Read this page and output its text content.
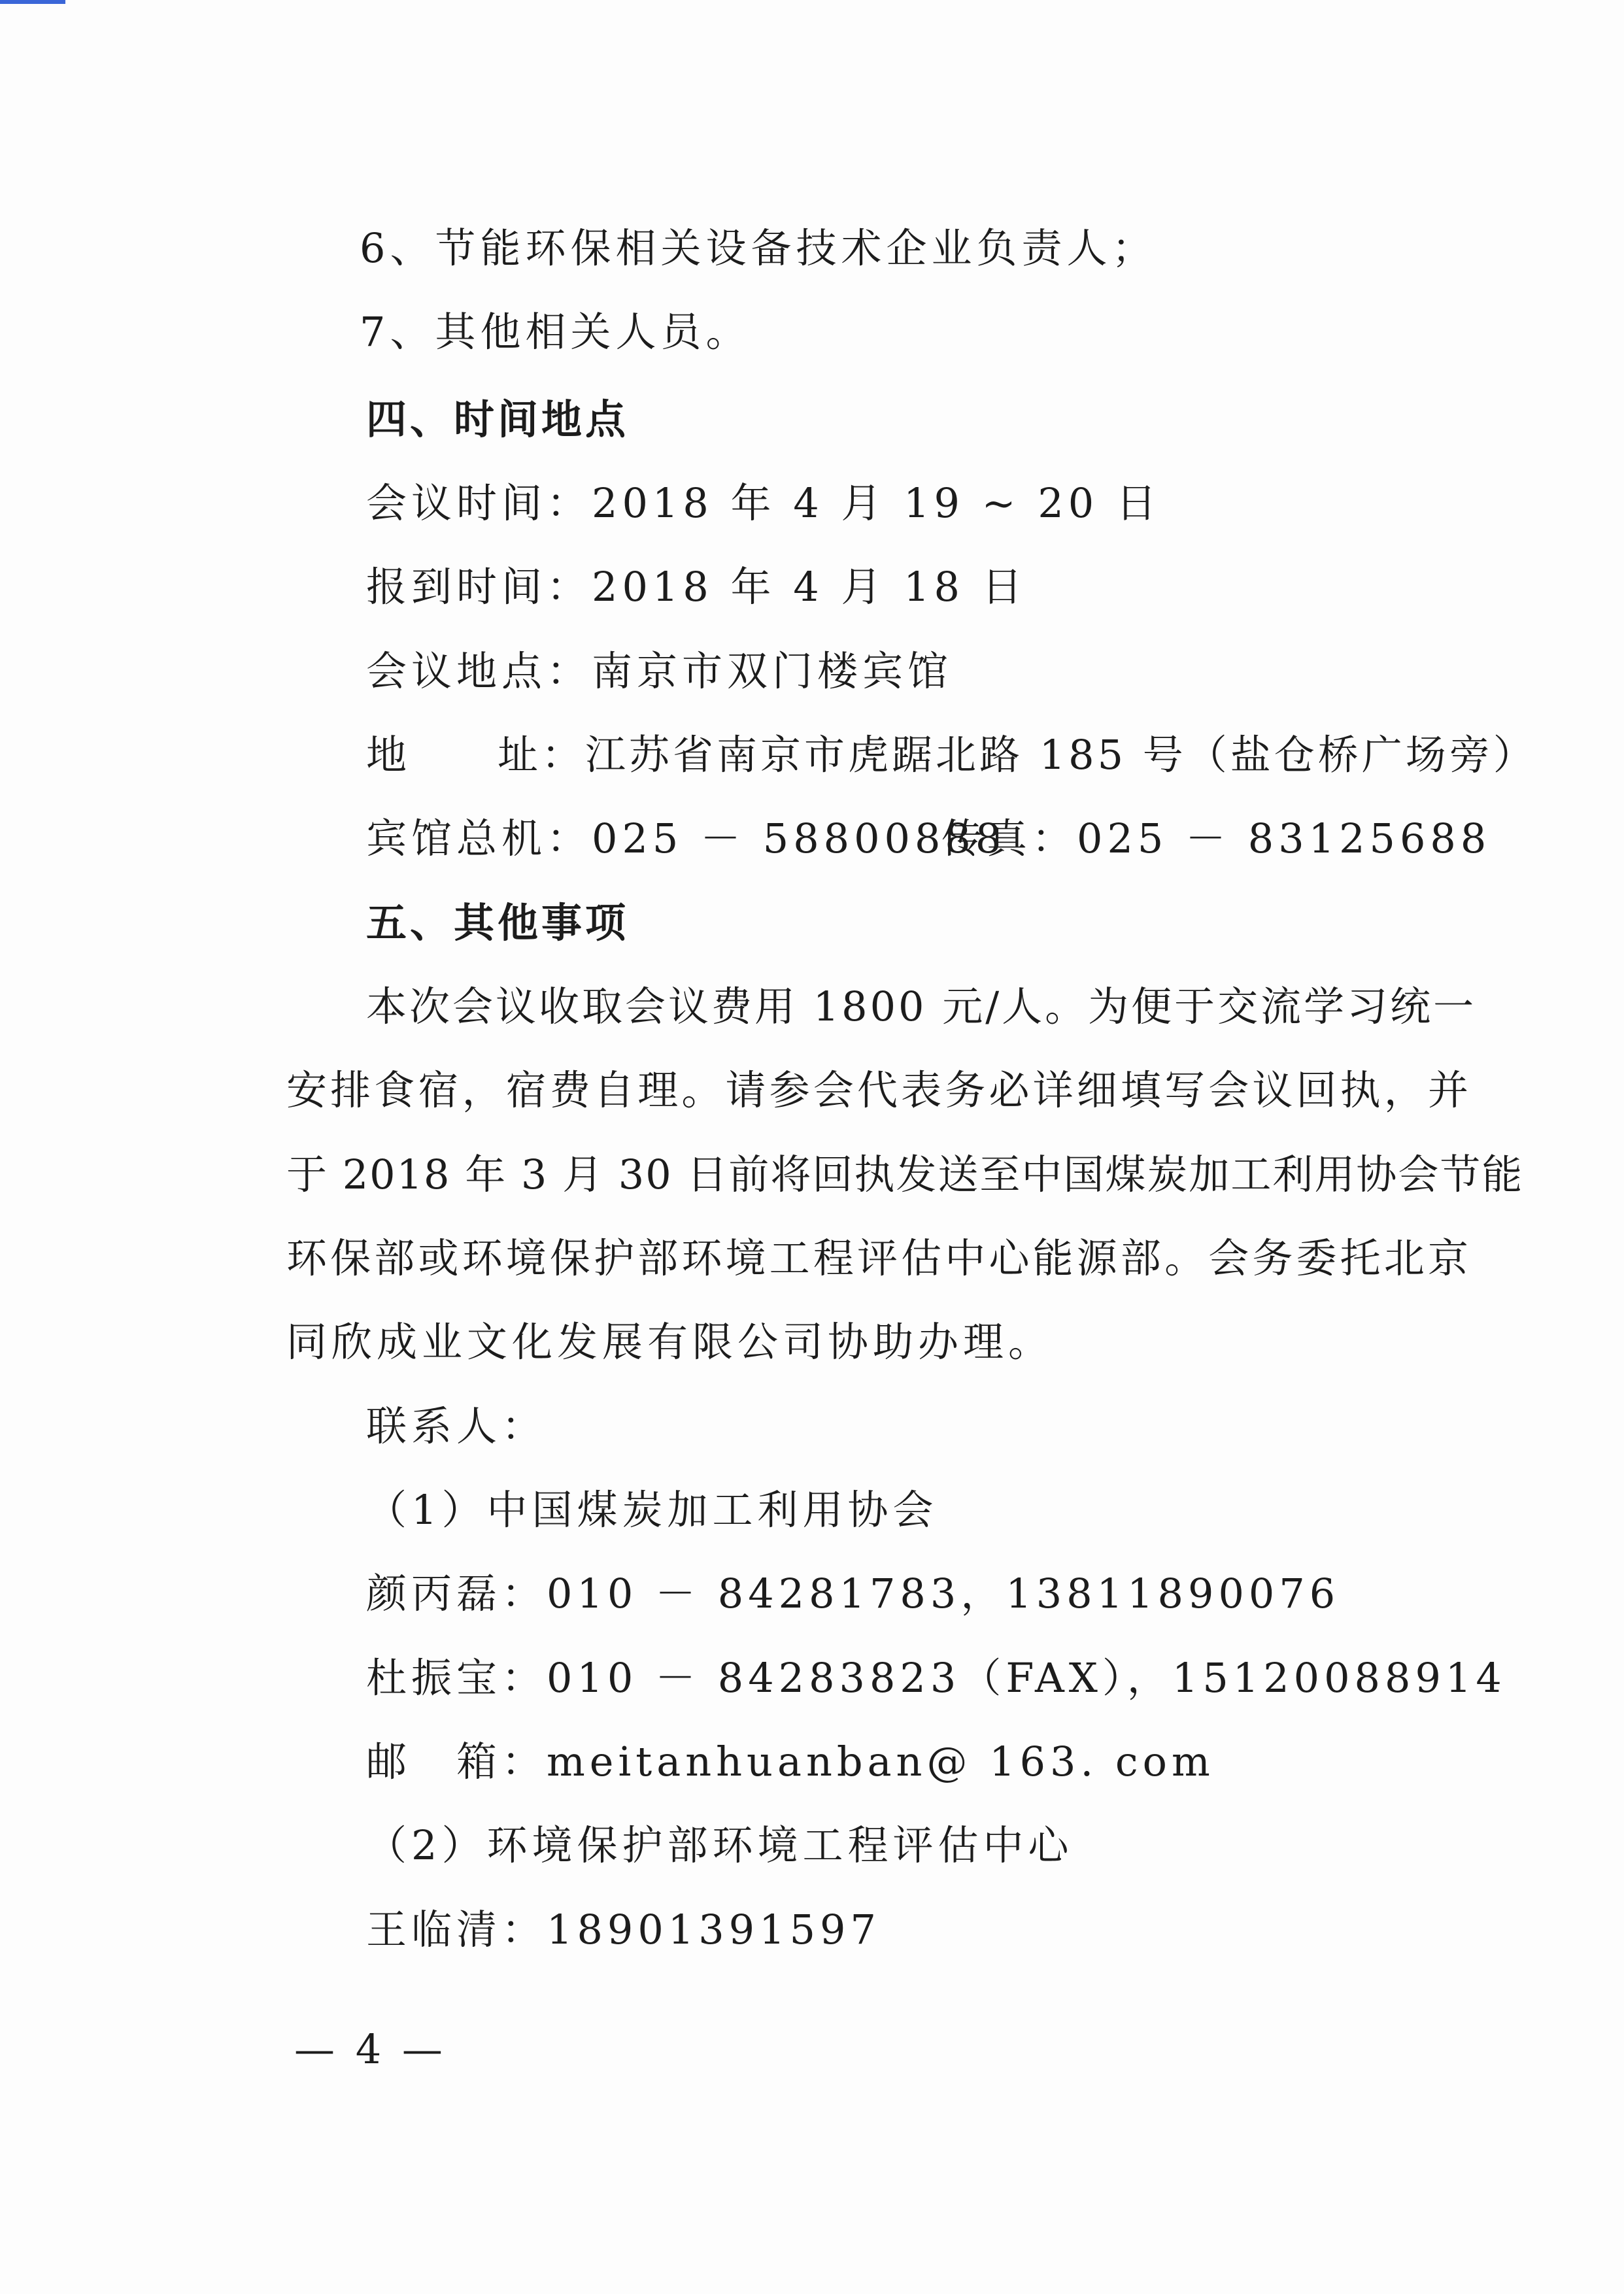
6、节能环保相关设备技术企业负责人；
7、其他相关人员。
四、时间地点
会议时间：2018 年 4 月 19 ~ 20 日
报到时间：2018 年 4 月 18 日
会议地点：南京市双门楼宾馆
地　　址：江苏省南京市虎踞北路 185 号（盐仓桥广场旁）
宾馆总机：025 － 58800888
传真：025 － 83125688
五、其他事项
本次会议收取会议费用 1800 元/人。为便于交流学习统一
安排食宿，宿费自理。请参会代表务必详细填写会议回执，并
于 2018 年 3 月 30 日前将回执发送至中国煤炭加工利用协会节能
环保部或环境保护部环境工程评估中心能源部。会务委托北京
同欣成业文化发展有限公司协助办理。
联系人：
（1）中国煤炭加工利用协会
颜丙磊：010 － 84281783，13811890076
杜振宝：010 － 84283823（FAX），15120088914
邮　箱：meitanhuanban@ 163. com
（2）环境保护部环境工程评估中心
王临清：18901391597
— 4 —
